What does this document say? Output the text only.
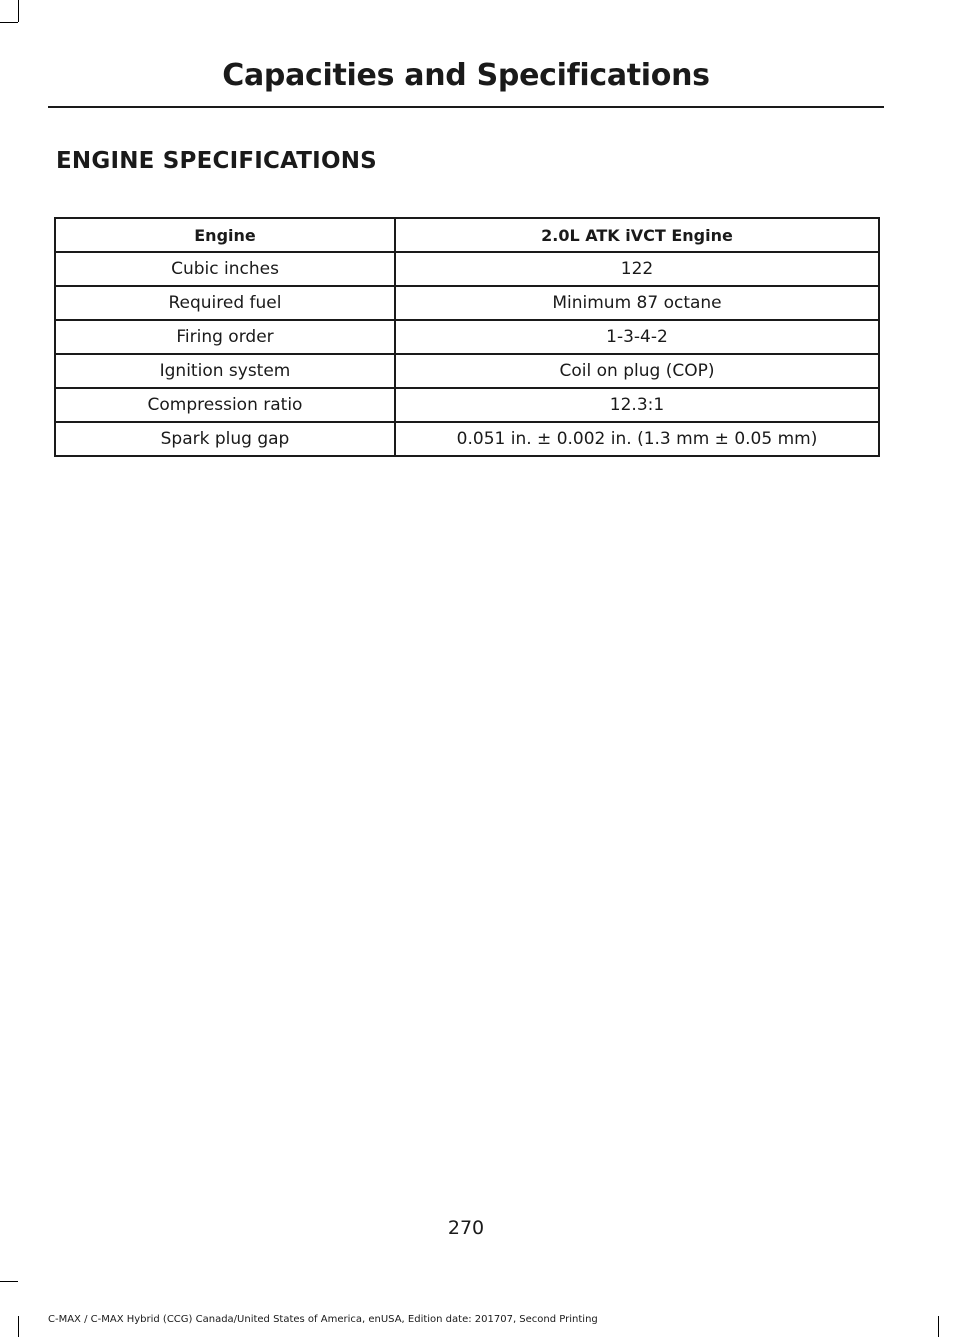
Capacities and Specifications
ENGINE SPECIFICATIONS
Engine	2.0L ATK iVCT Engine
Cubic inches	122
Required fuel	Minimum 87 octane
Firing order	1-3-4-2
Ignition system	Coil on plug (COP)
Compression ratio	12.3:1
Spark plug gap	0.051 in. ± 0.002 in. (1.3 mm ± 0.05 mm)
270
C-MAX / C-MAX Hybrid (CCG) Canada/United States of America, enUSA, Edition date: 201707, Second Printing
